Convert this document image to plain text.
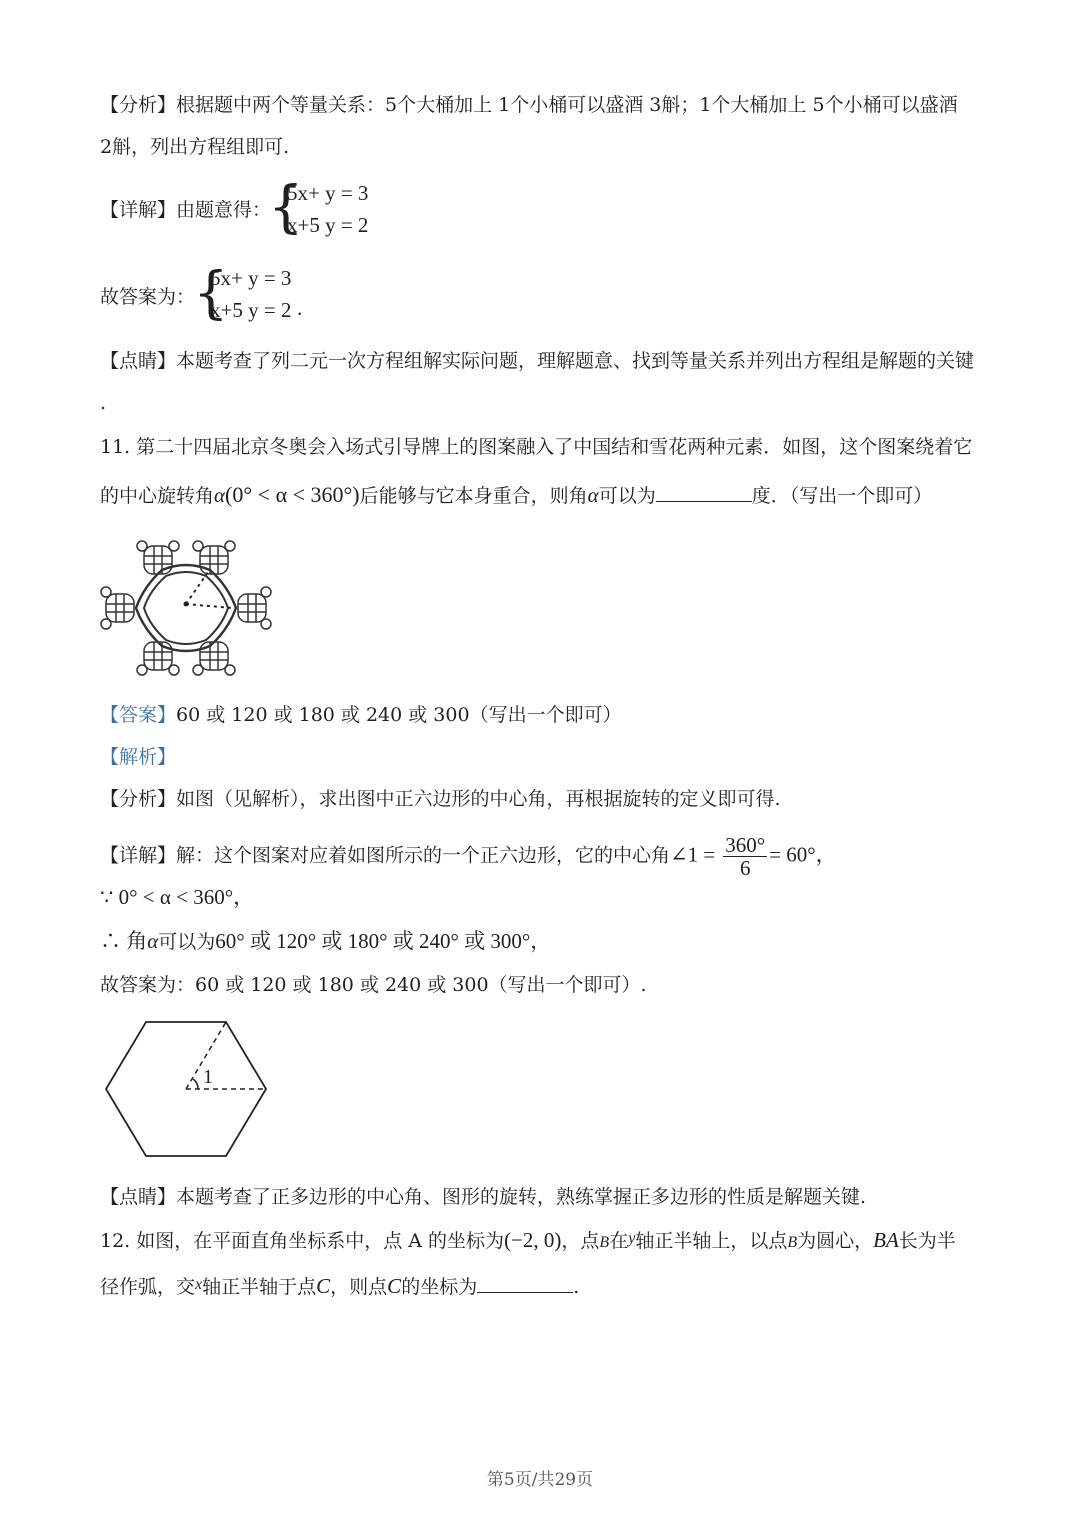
【分析】根据题中两个等量关系：5个大桶加上 1个小桶可以盛酒 3斛；1个大桶加上 5个小桶可以盛酒
2斛，列出方程组即可.
【详解】由题意得：
{
5x+ y = 3
x+5 y = 2
故答案为：
{
5x+ y = 3
x+5 y = 2 .
【点睛】本题考查了列二元一次方程组解实际问题，理解题意、找到等量关系并列出方程组是解题的关键
.
11. 第二十四届北京冬奥会入场式引导牌上的图案融入了中国结和雪花两种元素．如图，这个图案绕着它
的中心旋转角α(0° < α < 360°)后能够与它本身重合，则角α可以为	度．（写出一个即可）
【答案】60 或 120 或 180 或 240 或 300（写出一个即可）
【解析】
【分析】如图（见解析），求出图中正六边形的中心角，再根据旋转的定义即可得.
【详解】解：这个图案对应着如图所示的一个正六边形，它的中心角∠1 = $\frac{360^\circ}{6} = 60^\circ$，
∵ 0° < α < 360°，
∴ 角α可以为60° 或 120° 或 180° 或 240° 或 300°，
故答案为：60 或 120 或 180 或 240 或 300（写出一个即可）.
1
【点睛】本题考查了正多边形的中心角、图形的旋转，熟练掌握正多边形的性质是解题关键.
12. 如图，在平面直角坐标系中，点 A 的坐标为(−2, 0)，点B在$^y$轴正半轴上，以点B为圆心，BA长为半
径作弧，交$^x$轴正半轴于点C，则点C的坐标为	.
第5页/共29页
